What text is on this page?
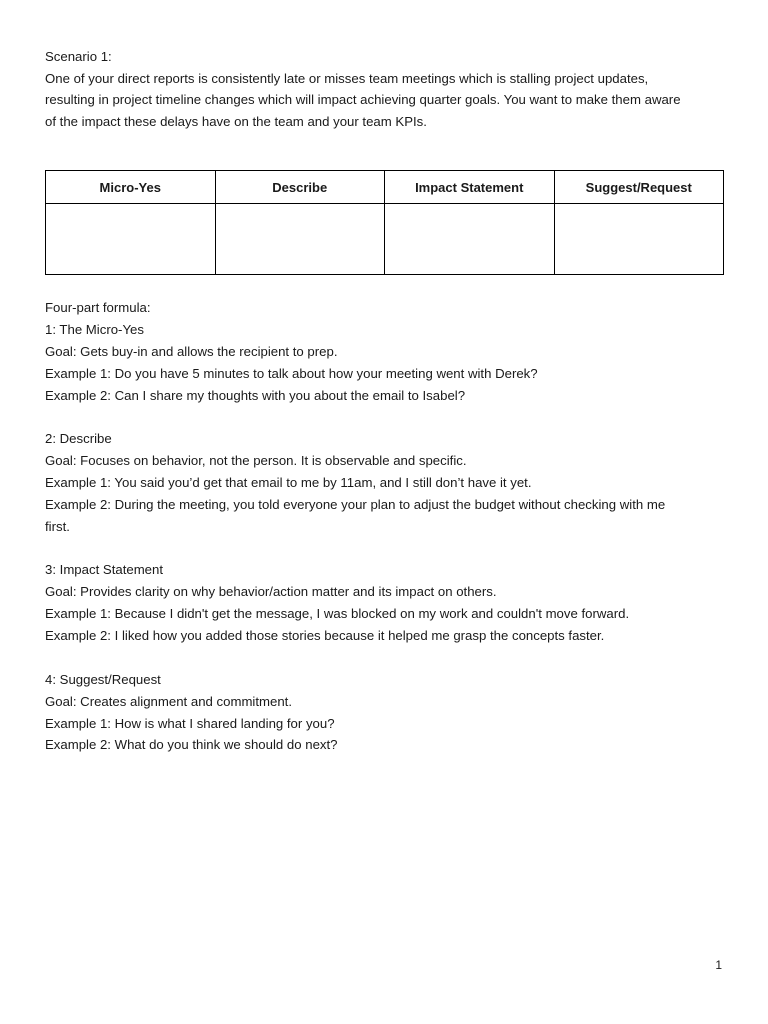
Scenario 1:
One of your direct reports is consistently late or misses team meetings which is stalling project updates,
resulting in project timeline changes which will impact achieving quarter goals. You want to make them aware
of the impact these delays have on the team and your team KPIs.
Micro-Yes	Describe	Impact Statement	Suggest/Request

Four-part formula:
1: The Micro-Yes
Goal: Gets buy-in and allows the recipient to prep.
Example 1: Do you have 5 minutes to talk about how your meeting went with Derek?
Example 2: Can I share my thoughts with you about the email to Isabel?
2: Describe
Goal: Focuses on behavior, not the person. It is observable and specific.
Example 1: You said you’d get that email to me by 11am, and I still don’t have it yet.
Example 2: During the meeting, you told everyone your plan to adjust the budget without checking with me
first.
3: Impact Statement
Goal: Provides clarity on why behavior/action matter and its impact on others.
Example 1: Because I didn't get the message, I was blocked on my work and couldn't move forward.
Example 2: I liked how you added those stories because it helped me grasp the concepts faster.
4: Suggest/Request
Goal: Creates alignment and commitment.
Example 1: How is what I shared landing for you?
Example 2: What do you think we should do next?
1
